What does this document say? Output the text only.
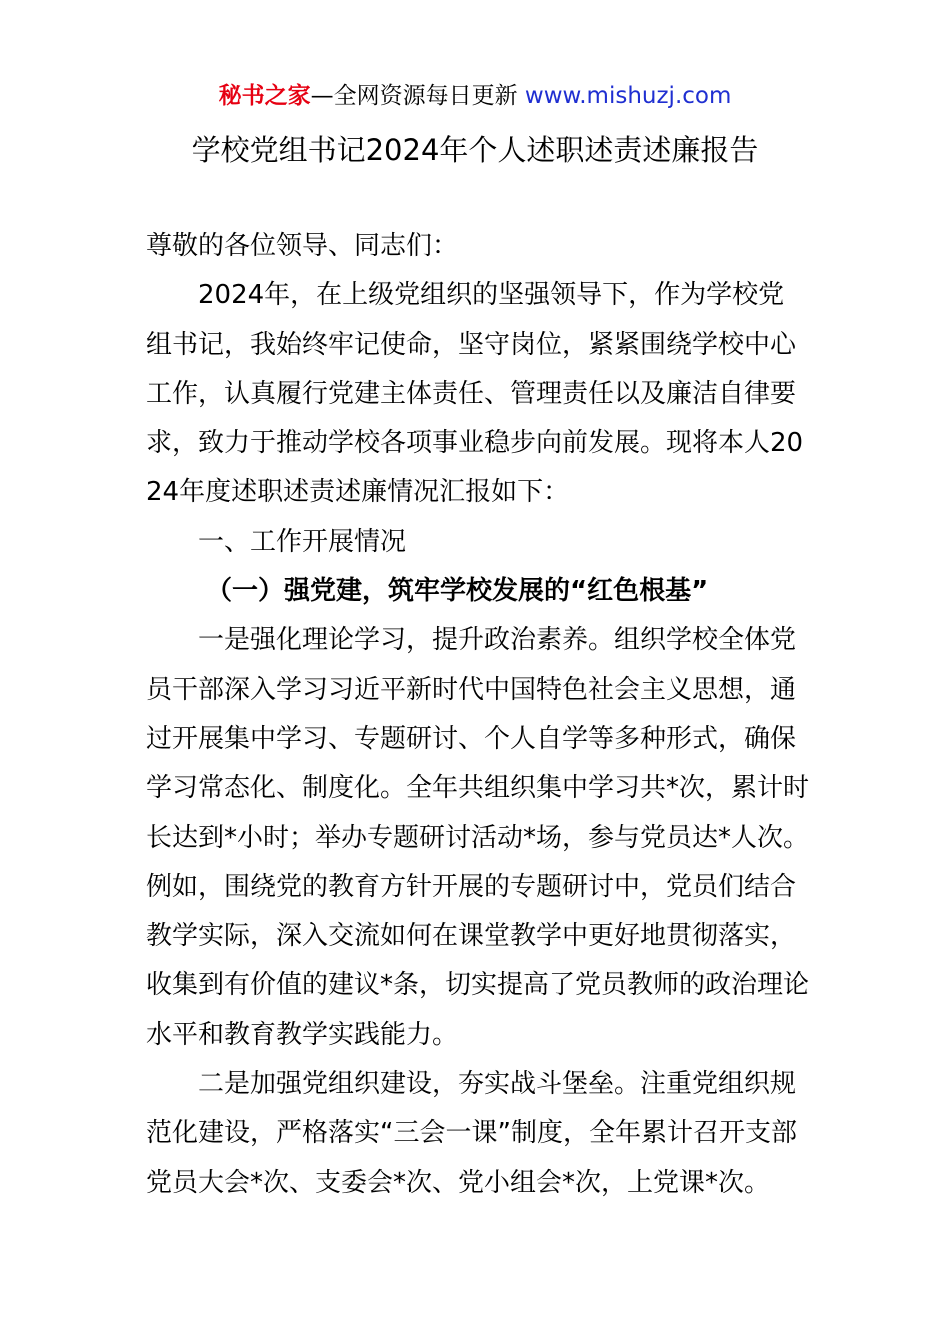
秘书之家—全网资源每日更新 www.mishuzj.com
学校党组书记2024年个人述职述责述廉报告

尊敬的各位领导、同志们：

2024年，在上级党组织的坚强领导下，作为学校党组书记，我始终牢记使命，坚守岗位，紧紧围绕学校中心工作，认真履行党建主体责任、管理责任以及廉洁自律要求，致力于推动学校各项事业稳步向前发展。现将本人2024年度述职述责述廉情况汇报如下：

一、工作开展情况

（一）强党建，筑牢学校发展的“红色根基”

一是强化理论学习，提升政治素养。组织学校全体党员干部深入学习习近平新时代中国特色社会主义思想，通过开展集中学习、专题研讨、个人自学等多种形式，确保学习常态化、制度化。全年共组织集中学习共*次，累计时长达到*小时；举办专题研讨活动*场，参与党员达*人次。例如，围绕党的教育方针开展的专题研讨中，党员们结合教学实际，深入交流如何在课堂教学中更好地贯彻落实，收集到有价值的建议*条，切实提高了党员教师的政治理论水平和教育教学实践能力。

二是加强党组织建设，夯实战斗堡垒。注重党组织规范化建设，严格落实“三会一课”制度，全年累计召开支部党员大会*次、支委会*次、党小组会*次，上党课*次。
